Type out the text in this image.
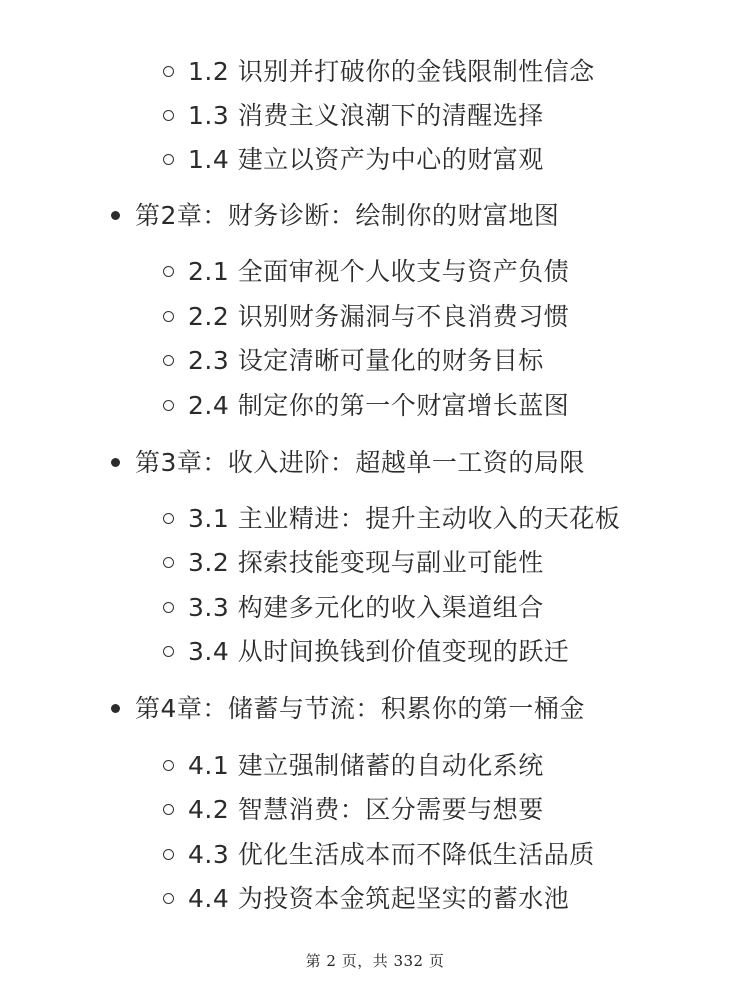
1.2 识别并打破你的金钱限制性信念
1.3 消费主义浪潮下的清醒选择
1.4 建立以资产为中心的财富观
第2章：财务诊断：绘制你的财富地图
2.1 全面审视个人收支与资产负债
2.2 识别财务漏洞与不良消费习惯
2.3 设定清晰可量化的财务目标
2.4 制定你的第一个财富增长蓝图
第3章：收入进阶：超越单一工资的局限
3.1 主业精进：提升主动收入的天花板
3.2 探索技能变现与副业可能性
3.3 构建多元化的收入渠道组合
3.4 从时间换钱到价值变现的跃迁
第4章：储蓄与节流：积累你的第一桶金
4.1 建立强制储蓄的自动化系统
4.2 智慧消费：区分需要与想要
4.3 优化生活成本而不降低生活品质
4.4 为投资本金筑起坚实的蓄水池
第 2 页，共 332 页
